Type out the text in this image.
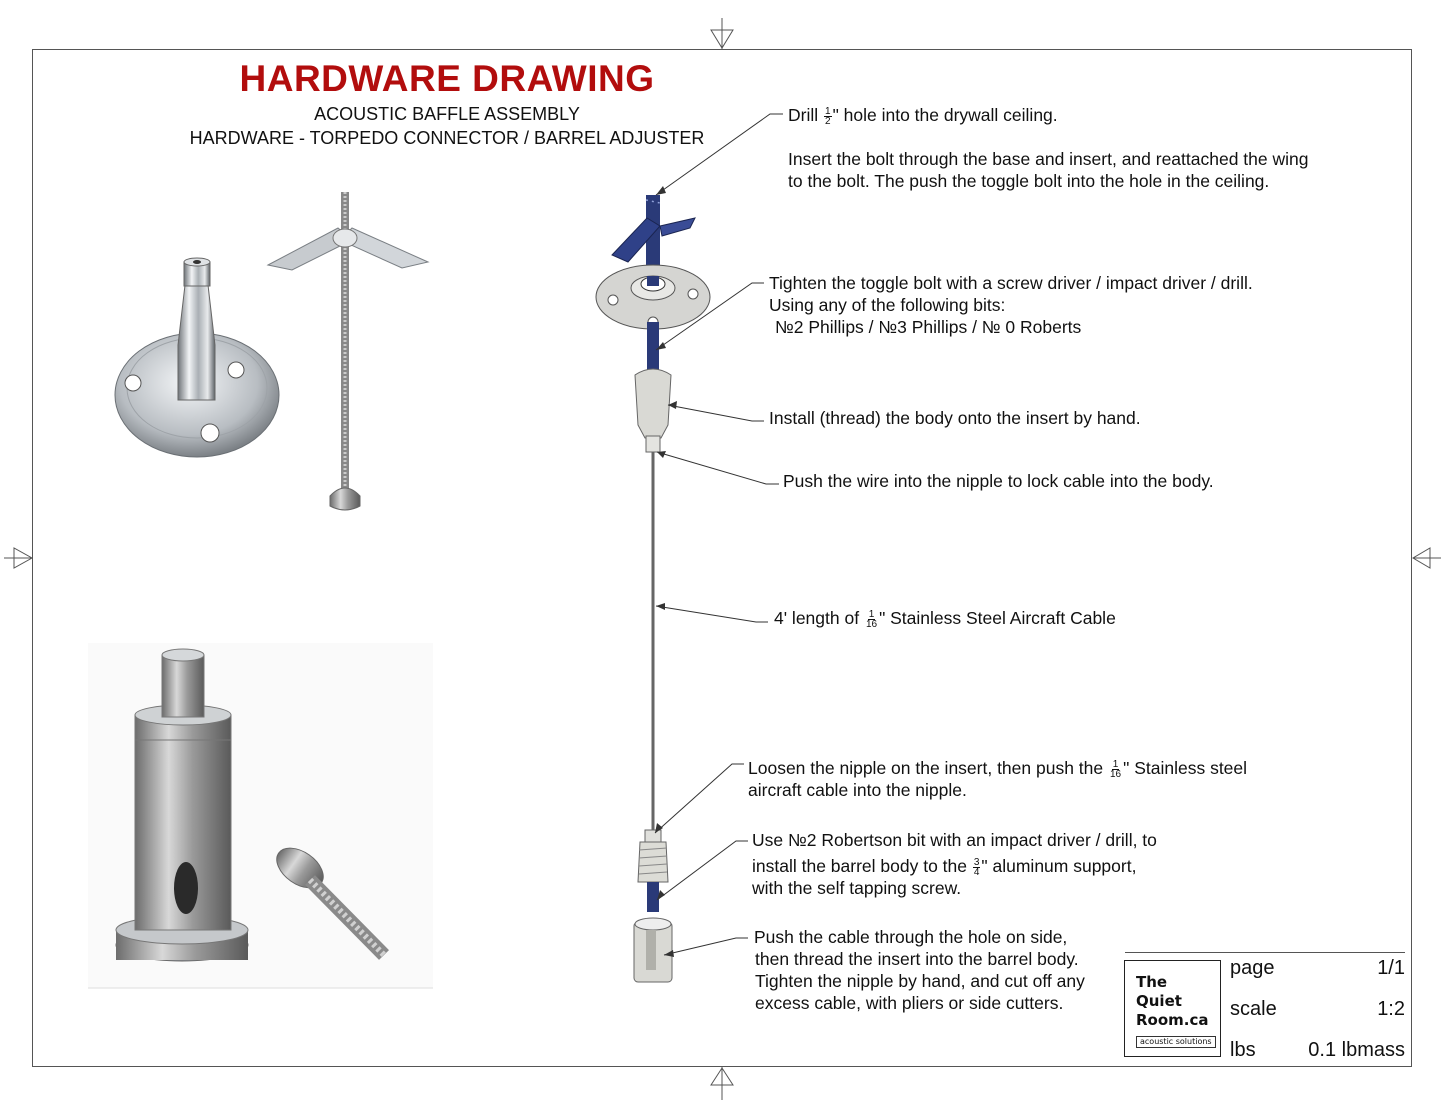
HARDWARE DRAWING
ACOUSTIC BAFFLE ASSEMBLY
HARDWARE - TORPEDO CONNECTOR / BARREL ADJUSTER
Drill $\frac{1}{2}$ " hole into the drywall ceiling.
Insert the bolt through the base and insert, and reattached the wing
to the bolt. The push the toggle bolt into the hole in the ceiling.
Tighten the toggle bolt with a screw driver / impact driver / drill.
Using any of the following bits:
№2 Phillips / №3 Phillips / № 0 Roberts
Install (thread) the body onto the insert by hand.
Push the wire into the nipple to lock cable into the body.
4' length of $\frac{1}{16}$ " Stainless Steel Aircraft Cable
Loosen the nipple on the insert, then push the $\frac{1}{16}$ " Stainless steel
aircraft cable into the nipple.
Use №2 Robertson bit with an impact driver / drill, to
install the barrel body to the $\frac{3}{4}$ " aluminum support,
with the self tapping screw.
Push the cable through the hole on side,
then thread the insert into the barrel body.
Tighten the nipple by hand, and cut off any
excess cable, with pliers or side cutters.
The
Quiet
Room.ca
acoustic solutions
page	1/1
scale	1:2
lbs	0.1 lbmass
